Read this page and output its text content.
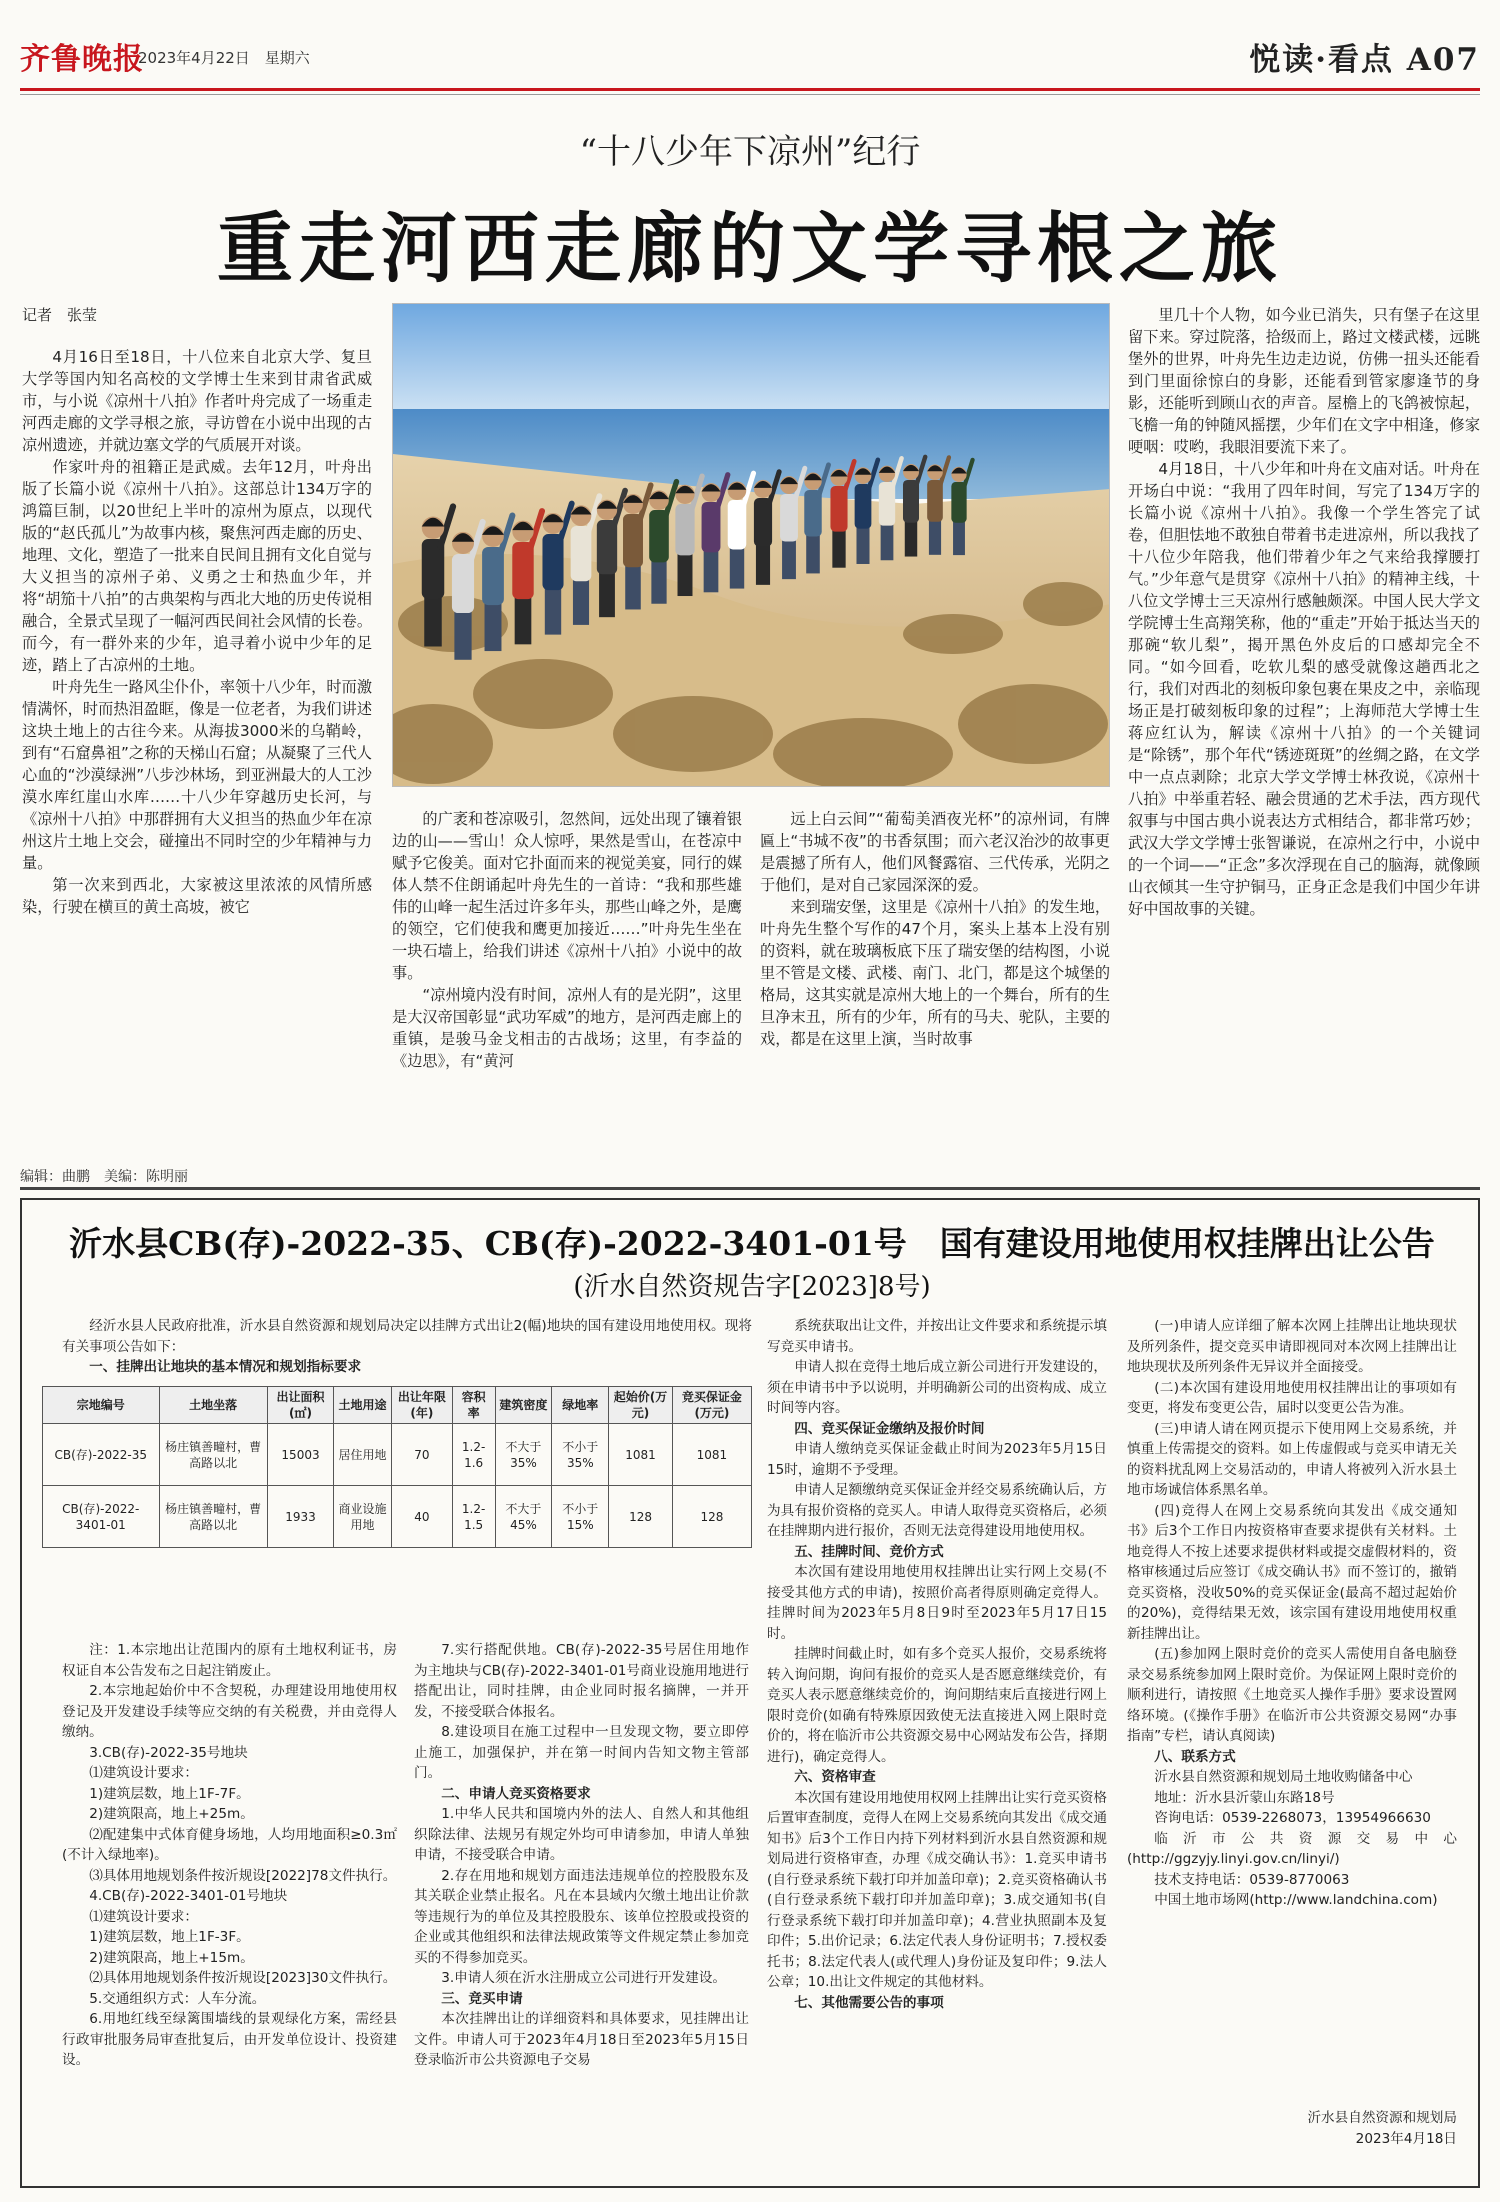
齐鲁晚报
2023年4月22日　星期六	悦读·看点 A07
“十八少年下凉州”纪行
重走河西走廊的文学寻根之旅
记者　张莹

4月16日至18日，十八位来自北京大学、复旦大学等国内知名高校的文学博士生来到甘肃省武威市，与小说《凉州十八拍》作者叶舟完成了一场重走河西走廊的文学寻根之旅，寻访曾在小说中出现的古凉州遗迹，并就边塞文学的气质展开对谈。

作家叶舟的祖籍正是武威。去年12月，叶舟出版了长篇小说《凉州十八拍》。这部总计134万字的鸿篇巨制，以20世纪上半叶的凉州为原点，以现代版的“赵氏孤儿”为故事内核，聚焦河西走廊的历史、地理、文化，塑造了一批来自民间且拥有文化自觉与大义担当的凉州子弟、义勇之士和热血少年，并将“胡笳十八拍”的古典架构与西北大地的历史传说相融合，全景式呈现了一幅河西民间社会风情的长卷。而今，有一群外来的少年，追寻着小说中少年的足迹，踏上了古凉州的土地。

叶舟先生一路风尘仆仆，率领十八少年，时而激情满怀，时而热泪盈眶，像是一位老者，为我们讲述这块土地上的古往今来。从海拔3000米的乌鞘岭，到有“石窟鼻祖”之称的天梯山石窟；从凝聚了三代人心血的“沙漠绿洲”八步沙林场，到亚洲最大的人工沙漠水库红崖山水库……十八少年穿越历史长河，与《凉州十八拍》中那群拥有大义担当的热血少年在凉州这片土地上交会，碰撞出不同时空的少年精神与力量。

第一次来到西北，大家被这里浓浓的风情所感染，行驶在横亘的黄土高坡，被它

的广袤和苍凉吸引，忽然间，远处出现了镶着银边的山——雪山！众人惊呼，果然是雪山，在苍凉中赋予它俊美。面对它扑面而来的视觉美宴，同行的媒体人禁不住朗诵起叶舟先生的一首诗：“我和那些雄伟的山峰一起生活过许多年头，那些山峰之外，是鹰的领空，它们使我和鹰更加接近……”叶舟先生坐在一块石墙上，给我们讲述《凉州十八拍》小说中的故事。

“凉州境内没有时间，凉州人有的是光阴”，这里是大汉帝国彰显“武功军威”的地方，是河西走廊上的重镇，是骏马金戈相击的古战场；这里，有李益的《边思》，有“黄河

远上白云间”“葡萄美酒夜光杯”的凉州词，有牌匾上“书城不夜”的书香氛围；而六老汉治沙的故事更是震撼了所有人，他们风餐露宿、三代传承，光阴之于他们，是对自己家园深深的爱。

来到瑞安堡，这里是《凉州十八拍》的发生地，叶舟先生整个写作的47个月，案头上基本上没有别的资料，就在玻璃板底下压了瑞安堡的结构图，小说里不管是文楼、武楼、南门、北门，都是这个城堡的格局，这其实就是凉州大地上的一个舞台，所有的生旦净末丑，所有的少年，所有的马夫、驼队，主要的戏，都是在这里上演，当时故事

里几十个人物，如今业已消失，只有堡子在这里留下来。穿过院落，拾级而上，路过文楼武楼，远眺堡外的世界，叶舟先生边走边说，仿佛一扭头还能看到门里面徐惊白的身影，还能看到管家廖逢节的身影，还能听到顾山衣的声音。屋檐上的飞鸽被惊起，飞檐一角的钟随风摇摆，少年们在文字中相逢，修家哽咽：哎哟，我眼泪要流下来了。

4月18日，十八少年和叶舟在文庙对话。叶舟在开场白中说：“我用了四年时间，写完了134万字的长篇小说《凉州十八拍》。我像一个学生答完了试卷，但胆怯地不敢独自带着书走进凉州，所以我找了十八位少年陪我，他们带着少年之气来给我撑腰打气。”少年意气是贯穿《凉州十八拍》的精神主线，十八位文学博士三天凉州行感触颇深。中国人民大学文学院博士生高翔笑称，他的“重走”开始于抵达当天的那碗“软儿梨”，揭开黑色外皮后的口感却完全不同。“如今回看，吃软儿梨的感受就像这趟西北之行，我们对西北的刻板印象包裹在果皮之中，亲临现场正是打破刻板印象的过程”；上海师范大学博士生蒋应红认为，解读《凉州十八拍》的一个关键词是“除锈”，那个年代“锈迹斑斑”的丝绸之路，在文学中一点点剥除；北京大学文学博士林孜说，《凉州十八拍》中举重若轻、融会贯通的艺术手法，西方现代叙事与中国古典小说表达方式相结合，都非常巧妙；武汉大学文学博士张智谦说，在凉州之行中，小说中的一个词——“正念”多次浮现在自己的脑海，就像顾山衣倾其一生守护铜马，正身正念是我们中国少年讲好中国故事的关键。

编辑：曲鹏　美编：陈明丽
沂水县CB(存)-2022-35、CB(存)-2022-3401-01号　国有建设用地使用权挂牌出让公告
(沂水自然资规告字[2023]8号)

经沂水县人民政府批准，沂水县自然资源和规划局决定以挂牌方式出让2(幅)地块的国有建设用地使用权。现将有关事项公告如下：

一、挂牌出让地块的基本情况和规划指标要求

宗地编号	土地坐落	出让面积(㎡)	土地用途	出让年限(年)	容积率	建筑密度	绿地率	起始价(万元)	竞买保证金(万元)
CB(存)-2022-35	杨庄镇善疃村，曹高路以北	15003	居住用地	70	1.2-1.6	不大于35%	不小于35%	1081	1081
CB(存)-2022-3401-01	杨庄镇善疃村，曹高路以北	1933	商业设施用地	40	1.2-1.5	不大于45%	不小于15%	128	128

注：1.本宗地出让范围内的原有土地权利证书，房权证自本公告发布之日起注销废止。

2.本宗地起始价中不含契税，办理建设用地使用权登记及开发建设手续等应交纳的有关税费，并由竞得人缴纳。

3.CB(存)-2022-35号地块

⑴建筑设计要求：

1)建筑层数，地上1F-7F。

2)建筑限高，地上+25m。

⑵配建集中式体育健身场地，人均用地面积≥0.3㎡(不计入绿地率)。

⑶具体用地规划条件按沂规设[2022]78文件执行。

4.CB(存)-2022-3401-01号地块

⑴建筑设计要求：

1)建筑层数，地上1F-3F。

2)建筑限高，地上+15m。

⑵具体用地规划条件按沂规设[2023]30文件执行。

5.交通组织方式：人车分流。

6.用地红线至绿篱围墙线的景观绿化方案，需经县行政审批服务局审查批复后，由开发单位设计、投资建设。

7.实行搭配供地。CB(存)-2022-35号居住用地作为主地块与CB(存)-2022-3401-01号商业设施用地进行搭配出让，同时挂牌，由企业同时报名摘牌，一并开发，不接受联合体报名。

8.建设项目在施工过程中一旦发现文物，要立即停止施工，加强保护，并在第一时间内告知文物主管部门。

二、申请人竞买资格要求

1.中华人民共和国境内外的法人、自然人和其他组织除法律、法规另有规定外均可申请参加，申请人单独申请，不接受联合申请。

2.存在用地和规划方面违法违规单位的控股股东及其关联企业禁止报名。凡在本县域内欠缴土地出让价款等违规行为的单位及其控股股东、该单位控股或投资的企业或其他组织和法律法规政策等文件规定禁止参加竞买的不得参加竞买。

3.申请人须在沂水注册成立公司进行开发建设。

三、竞买申请

本次挂牌出让的详细资料和具体要求，见挂牌出让文件。申请人可于2023年4月18日至2023年5月15日登录临沂市公共资源电子交易

系统获取出让文件，并按出让文件要求和系统提示填写竞买申请书。

申请人拟在竞得土地后成立新公司进行开发建设的，须在申请书中予以说明，并明确新公司的出资构成、成立时间等内容。

四、竞买保证金缴纳及报价时间

申请人缴纳竞买保证金截止时间为2023年5月15日15时，逾期不予受理。

申请人足额缴纳竞买保证金并经交易系统确认后，方为具有报价资格的竞买人。申请人取得竞买资格后，必须在挂牌期内进行报价，否则无法竞得建设用地使用权。

五、挂牌时间、竞价方式

本次国有建设用地使用权挂牌出让实行网上交易(不接受其他方式的申请)，按照价高者得原则确定竞得人。挂牌时间为2023年5月8日9时至2023年5月17日15时。

挂牌时间截止时，如有多个竞买人报价，交易系统将转入询问期，询问有报价的竞买人是否愿意继续竞价，有竞买人表示愿意继续竞价的，询问期结束后直接进行网上限时竞价(如确有特殊原因致使无法直接进入网上限时竞价的，将在临沂市公共资源交易中心网站发布公告，择期进行)，确定竞得人。

六、资格审查

本次国有建设用地使用权网上挂牌出让实行竞买资格后置审查制度，竞得人在网上交易系统向其发出《成交通知书》后3个工作日内持下列材料到沂水县自然资源和规划局进行资格审查，办理《成交确认书》：1.竞买申请书(自行登录系统下载打印并加盖印章)；2.竞买资格确认书(自行登录系统下载打印并加盖印章)；3.成交通知书(自行登录系统下载打印并加盖印章)；4.营业执照副本及复印件；5.出价记录；6.法定代表人身份证明书；7.授权委托书；8.法定代表人(或代理人)身份证及复印件；9.法人公章；10.出让文件规定的其他材料。

七、其他需要公告的事项

(一)申请人应详细了解本次网上挂牌出让地块现状及所列条件，提交竞买申请即视同对本次网上挂牌出让地块现状及所列条件无异议并全面接受。

(二)本次国有建设用地使用权挂牌出让的事项如有变更，将发布变更公告，届时以变更公告为准。

(三)申请人请在网页提示下使用网上交易系统，并慎重上传需提交的资料。如上传虚假或与竞买申请无关的资料扰乱网上交易活动的，申请人将被列入沂水县土地市场诚信体系黑名单。

(四)竞得人在网上交易系统向其发出《成交通知书》后3个工作日内按资格审查要求提供有关材料。土地竞得人不按上述要求提供材料或提交虚假材料的，资格审核通过后应签订《成交确认书》而不签订的，撤销竞买资格，没收50%的竞买保证金(最高不超过起始价的20%)，竞得结果无效，该宗国有建设用地使用权重新挂牌出让。

(五)参加网上限时竞价的竞买人需使用自备电脑登录交易系统参加网上限时竞价。为保证网上限时竞价的顺利进行，请按照《土地竞买人操作手册》要求设置网络环境。(《操作手册》在临沂市公共资源交易网“办事指南”专栏，请认真阅读)

八、联系方式

沂水县自然资源和规划局土地收购储备中心

地址：沂水县沂蒙山东路18号

咨询电话：0539-2268073，13954966630

临沂市公共资源交易中心(http://ggzyjy.linyi.gov.cn/linyi/)

技术支持电话：0539-8770063

中国土地市场网(http://www.landchina.com)

沂水县自然资源和规划局
2023年4月18日
